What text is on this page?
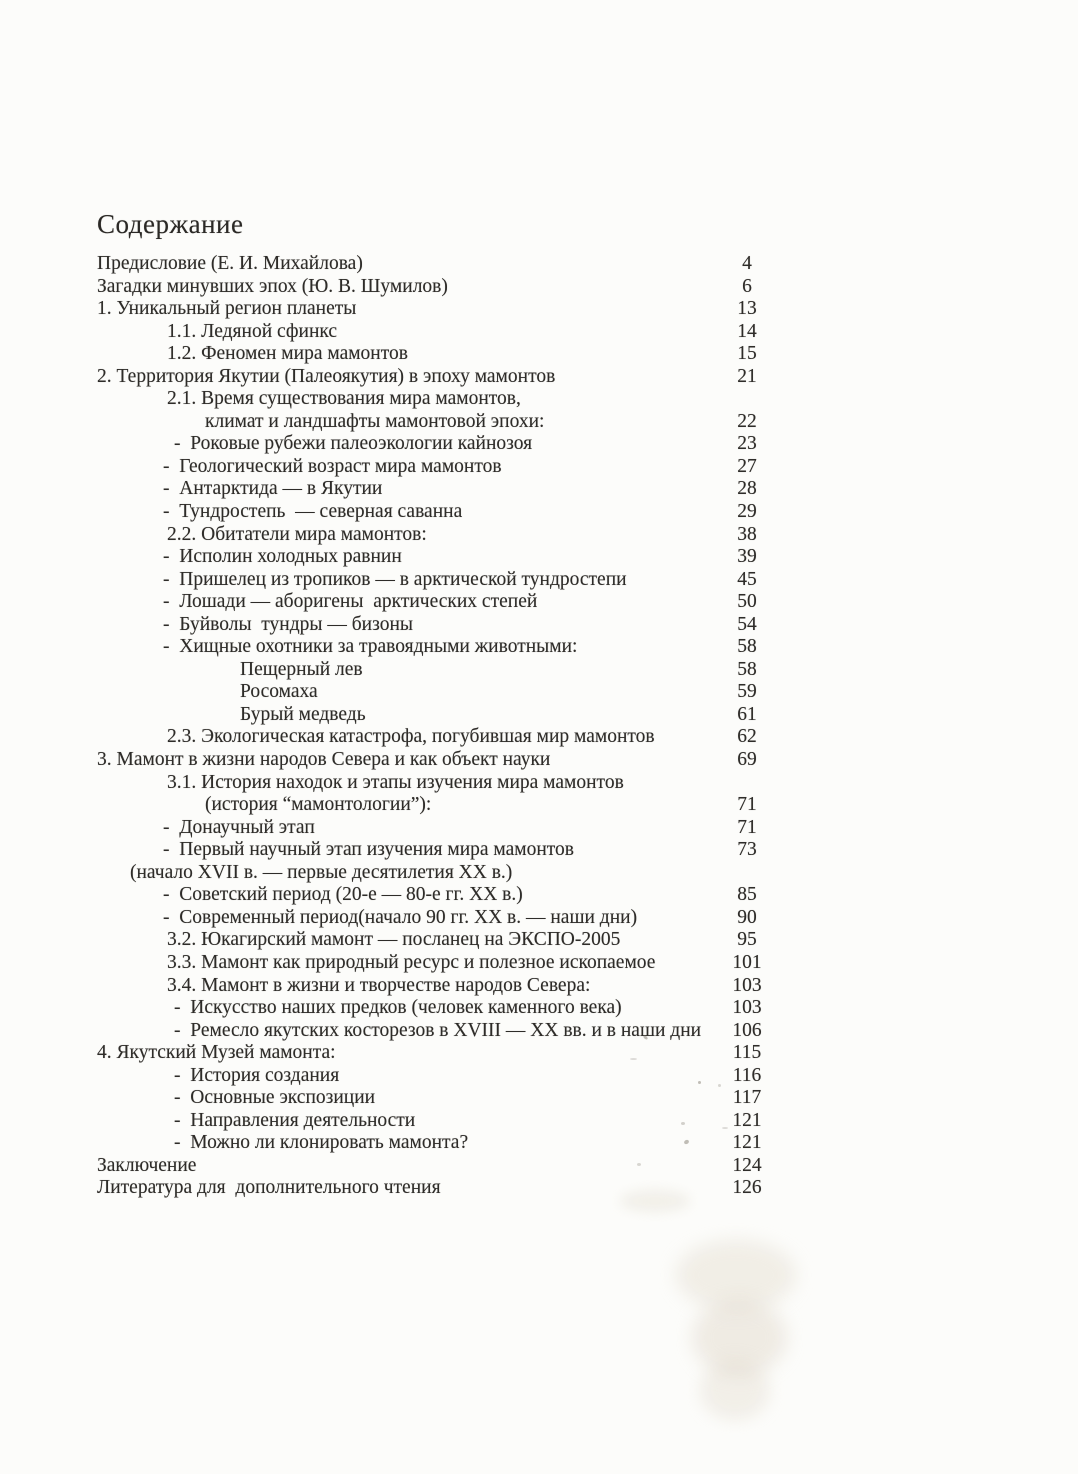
Содержание
Предисловие (Е. И. Михайлова)	4
Загадки минувших эпох (Ю. В. Шумилов)	6
1. Уникальный регион планеты	13
1.1. Ледяной сфинкс	14
1.2. Феномен мира мамонтов	15
2. Территория Якутии (Палеоякутия) в эпоху мамонтов	21
2.1. Время существования мира мамонтов,
климат и ландшафты мамонтовой эпохи:	22
-  Роковые рубежи палеоэкологии кайнозоя	23
-  Геологический возраст мира мамонтов	27
-  Антарктида — в Якутии	28
-  Тундростепь  — северная саванна	29
2.2. Обитатели мира мамонтов:	38
-  Исполин холодных равнин	39
-  Пришелец из тропиков — в арктической тундростепи	45
-  Лошади — аборигены  арктических степей	50
-  Буйволы  тундры — бизоны	54
-  Хищные охотники за травоядными животными:	58
Пещерный лев	58
Росомаха	59
Бурый медведь	61
2.3. Экологическая катастрофа, погубившая мир мамонтов	62
3. Мамонт в жизни народов Севера и как объект науки	69
3.1. История находок и этапы изучения мира мамонтов
(история “мамонтологии”):	71
-  Донаучный этап	71
-  Первый научный этап изучения мира мамонтов	73
(начало XVII в. — первые десятилетия XX в.)
-  Советский период (20-е — 80-е гг. XX в.)	85
-  Современный период(начало 90 гг. XX в. — наши дни)	90
3.2. Юкагирский мамонт — посланец на ЭКСПО-2005	95
3.3. Мамонт как природный ресурс и полезное ископаемое	101
3.4. Мамонт в жизни и творчестве народов Севера:	103
-  Искусство наших предков (человек каменного века)	103
-  Ремесло якутских косторезов в XVIII — XX вв. и в наши дни	106
4. Якутский Музей мамонта:	115
-  История создания	116
-  Основные экспозиции	117
-  Направления деятельности	121
-  Можно ли клонировать мамонта?	121
Заключение	124
Литература для  дополнительного чтения	126
